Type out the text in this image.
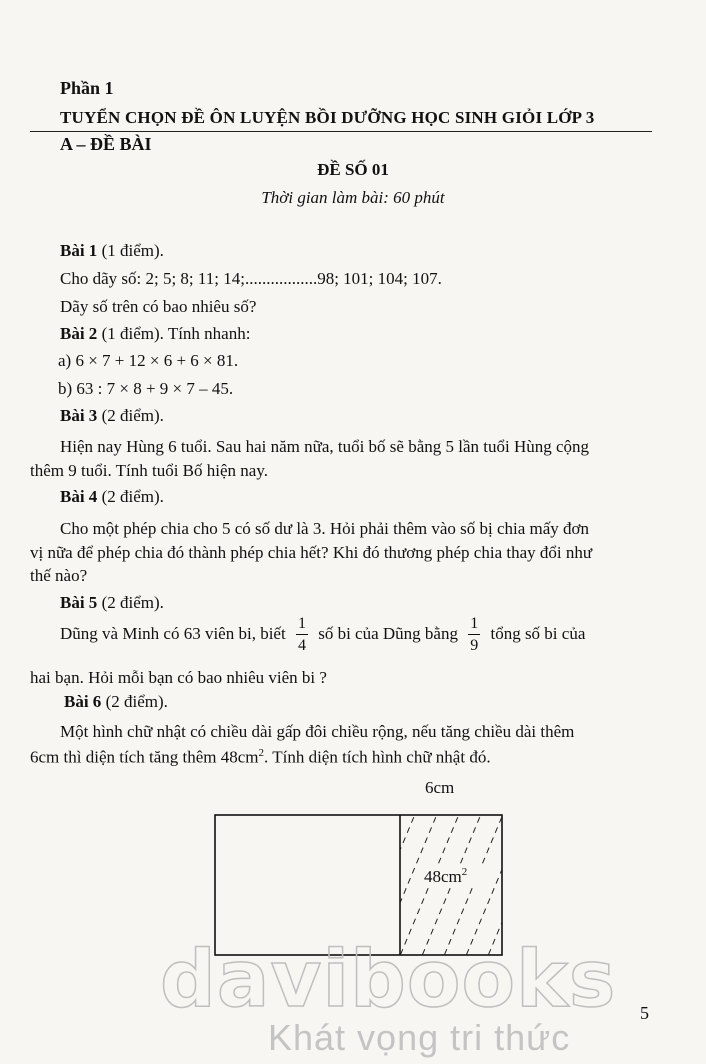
Phần 1
TUYỂN CHỌN ĐỀ ÔN LUYỆN BỒI DƯỠNG HỌC SINH GIỎI LỚP 3
A – ĐỀ BÀI
ĐỀ SỐ 01
Thời gian làm bài: 60 phút
Bài 1 (1 điểm).
Cho dãy số: 2; 5; 8; 11; 14;.................98; 101; 104; 107.
Dãy số trên có bao nhiêu số?
Bài 2 (1 điểm). Tính nhanh:
a) 6 × 7 + 12 × 6 + 6 × 81.
b) 63 : 7 × 8 + 9 × 7 – 45.
Bài 3 (2 điểm).
Hiện nay Hùng 6 tuổi. Sau hai năm nữa, tuổi bố sẽ bằng 5 lần tuổi Hùng cộng
thêm 9 tuổi. Tính tuổi Bố hiện nay.
Bài 4 (2 điểm).
Cho một phép chia cho 5 có số dư là 3. Hỏi phải thêm vào số bị chia mấy đơn
vị nữa để phép chia đó thành phép chia hết? Khi đó thương phép chia thay đổi như
thế nào?
Bài 5 (2 điểm).
Dũng và Minh có 63 viên bi, biết $\frac{1}{4}$ số bi của Dũng bằng $\frac{1}{9}$ tổng số bi của
hai bạn. Hỏi mỗi bạn có bao nhiêu viên bi ?
Bài 6 (2 điểm).
Một hình chữ nhật có chiều dài gấp đôi chiều rộng, nếu tăng chiều dài thêm
6cm thì diện tích tăng thêm $48cm^2$. Tính diện tích hình chữ nhật đó.
6cm
$48cm^2$
davibooks
Khát vọng tri thức
5
